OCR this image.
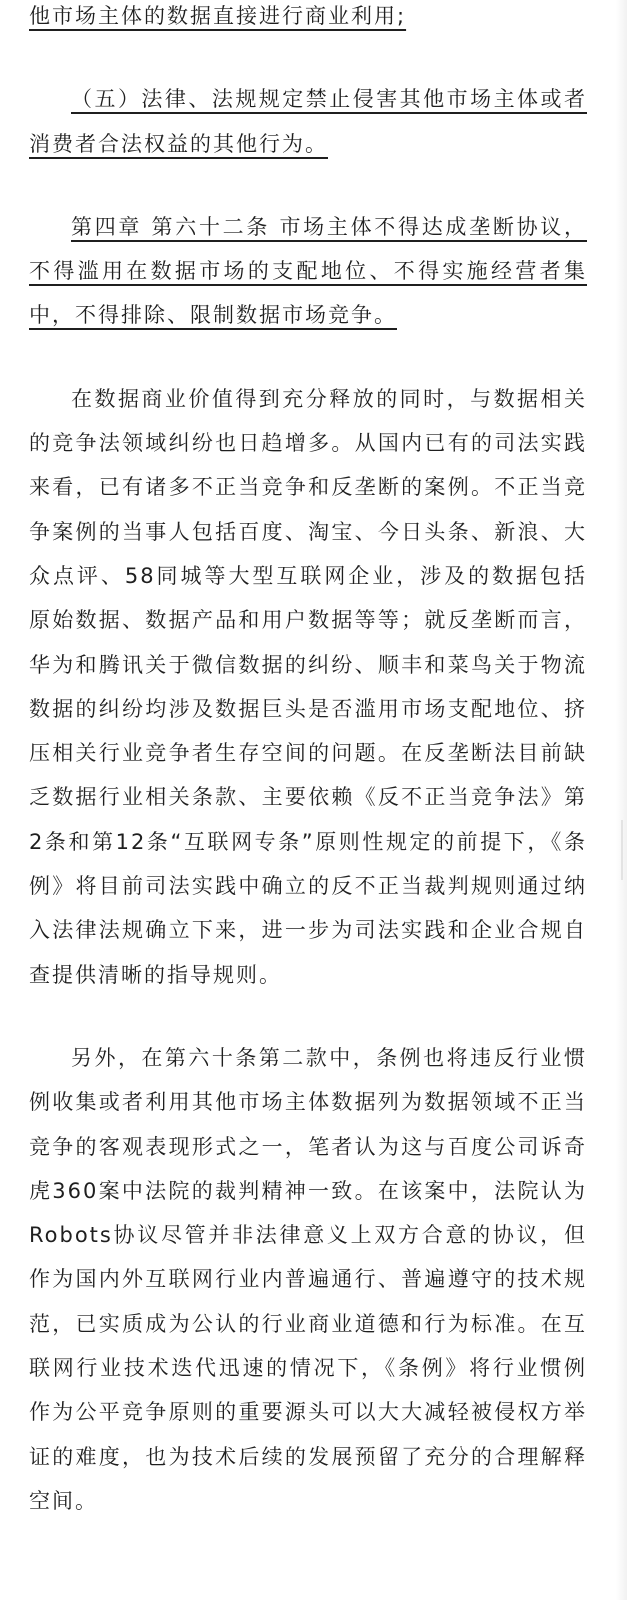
他市场主体的数据直接进行商业利用;

（五）法律、法规规定禁止侵害其他市场主体或者消费者合法权益的其他行为。

第四章 第六十二条 市场主体不得达成垄断协议，不得滥用在数据市场的支配地位、不得实施经营者集中，不得排除、限制数据市场竞争。

在数据商业价值得到充分释放的同时，与数据相关的竞争法领域纠纷也日趋增多。从国内已有的司法实践来看，已有诸多不正当竞争和反垄断的案例。不正当竞争案例的当事人包括百度、淘宝、今日头条、新浪、大众点评、58同城等大型互联网企业，涉及的数据包括原始数据、数据产品和用户数据等等；就反垄断而言，华为和腾讯关于微信数据的纠纷、顺丰和菜鸟关于物流数据的纠纷均涉及数据巨头是否滥用市场支配地位、挤压相关行业竞争者生存空间的问题。在反垄断法目前缺乏数据行业相关条款、主要依赖《反不正当竞争法》第2条和第12条“互联网专条”原则性规定的前提下，《条例》将目前司法实践中确立的反不正当裁判规则通过纳入法律法规确立下来，进一步为司法实践和企业合规自查提供清晰的指导规则。

另外，在第六十条第二款中，条例也将违反行业惯例收集或者利用其他市场主体数据列为数据领域不正当竞争的客观表现形式之一，笔者认为这与百度公司诉奇虎360案中法院的裁判精神一致。在该案中，法院认为Robots协议尽管并非法律意义上双方合意的协议，但作为国内外互联网行业内普遍通行、普遍遵守的技术规范，已实质成为公认的行业商业道德和行为标准。在互联网行业技术迭代迅速的情况下，《条例》将行业惯例作为公平竞争原则的重要源头可以大大减轻被侵权方举证的难度，也为技术后续的发展预留了充分的合理解释空间。
